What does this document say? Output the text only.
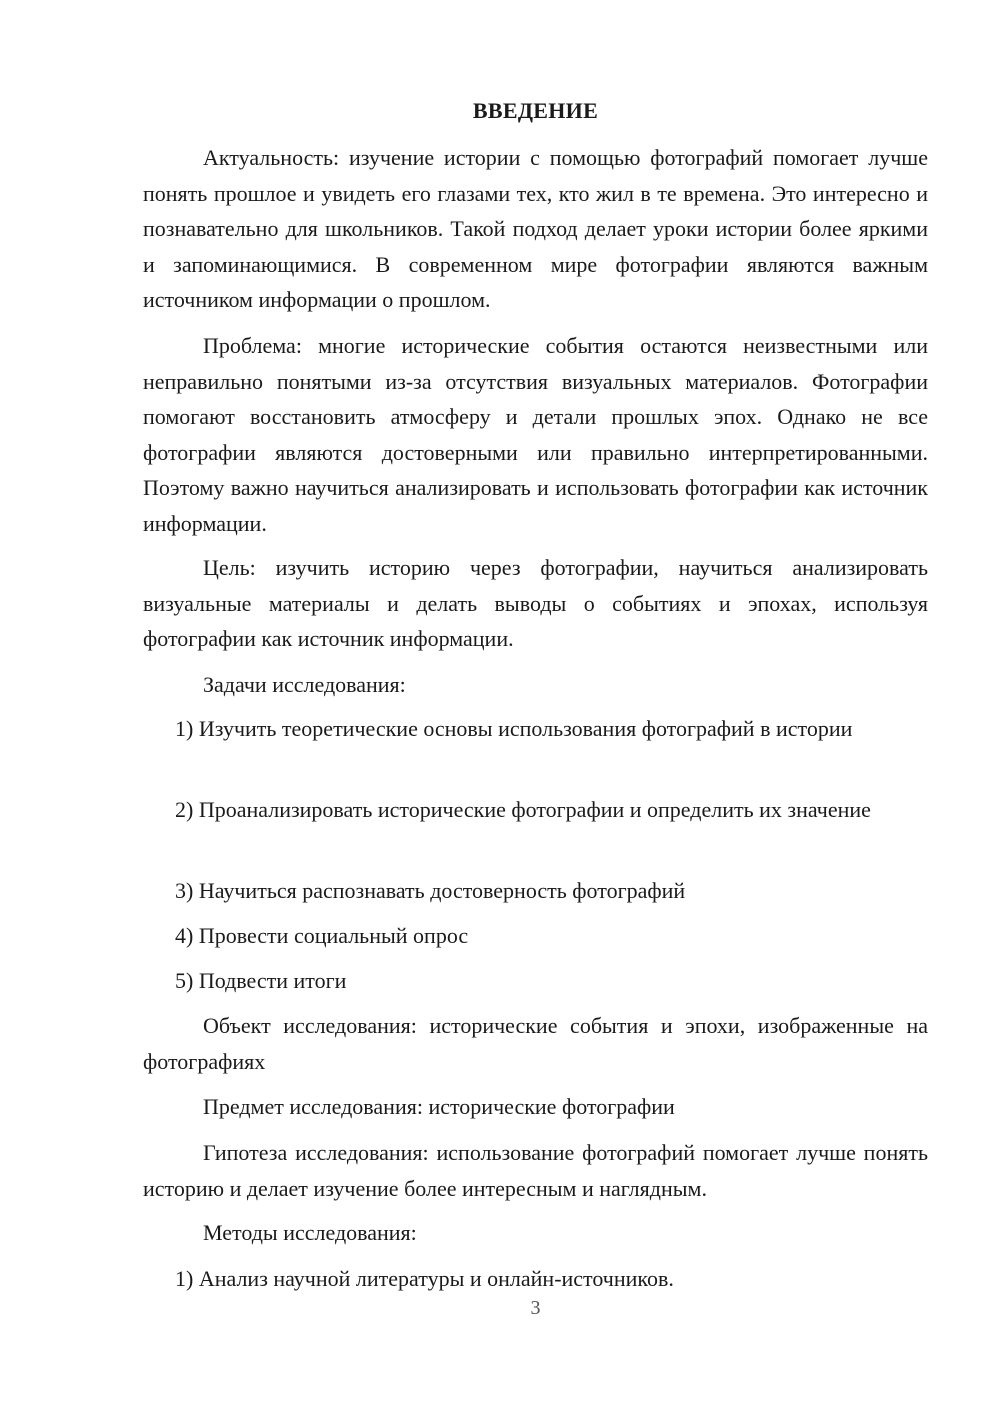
ВВЕДЕНИЕ

Актуальность: изучение истории с помощью фотографий помогает лучше понять прошлое и увидеть его глазами тех, кто жил в те времена. Это интересно и познавательно для школьников. Такой подход делает уроки истории более яркими и запоминающимися. В современном мире фотографии являются важным источником информации о прошлом.

Проблема: многие исторические события остаются неизвестными или неправильно понятыми из-за отсутствия визуальных материалов. Фотографии помогают восстановить атмосферу и детали прошлых эпох. Однако не все фотографии являются достоверными или правильно интерпретированными. Поэтому важно научиться анализировать и использовать фотографии как источник информации.

Цель: изучить историю через фотографии, научиться анализировать визуальные материалы и делать выводы о событиях и эпохах, используя фотографии как источник информации.

Задачи исследования:

1) Изучить теоретические основы использования фотографий в истории

2) Проанализировать исторические фотографии и определить их значение

3) Научиться распознавать достоверность фотографий

4) Провести социальный опрос

5) Подвести итоги

Объект исследования: исторические события и эпохи, изображенные на фотографиях

Предмет исследования: исторические фотографии

Гипотеза исследования: использование фотографий помогает лучше понять историю и делает изучение более интересным и наглядным.

Методы исследования:

1) Анализ научной литературы и онлайн-источников.

3
